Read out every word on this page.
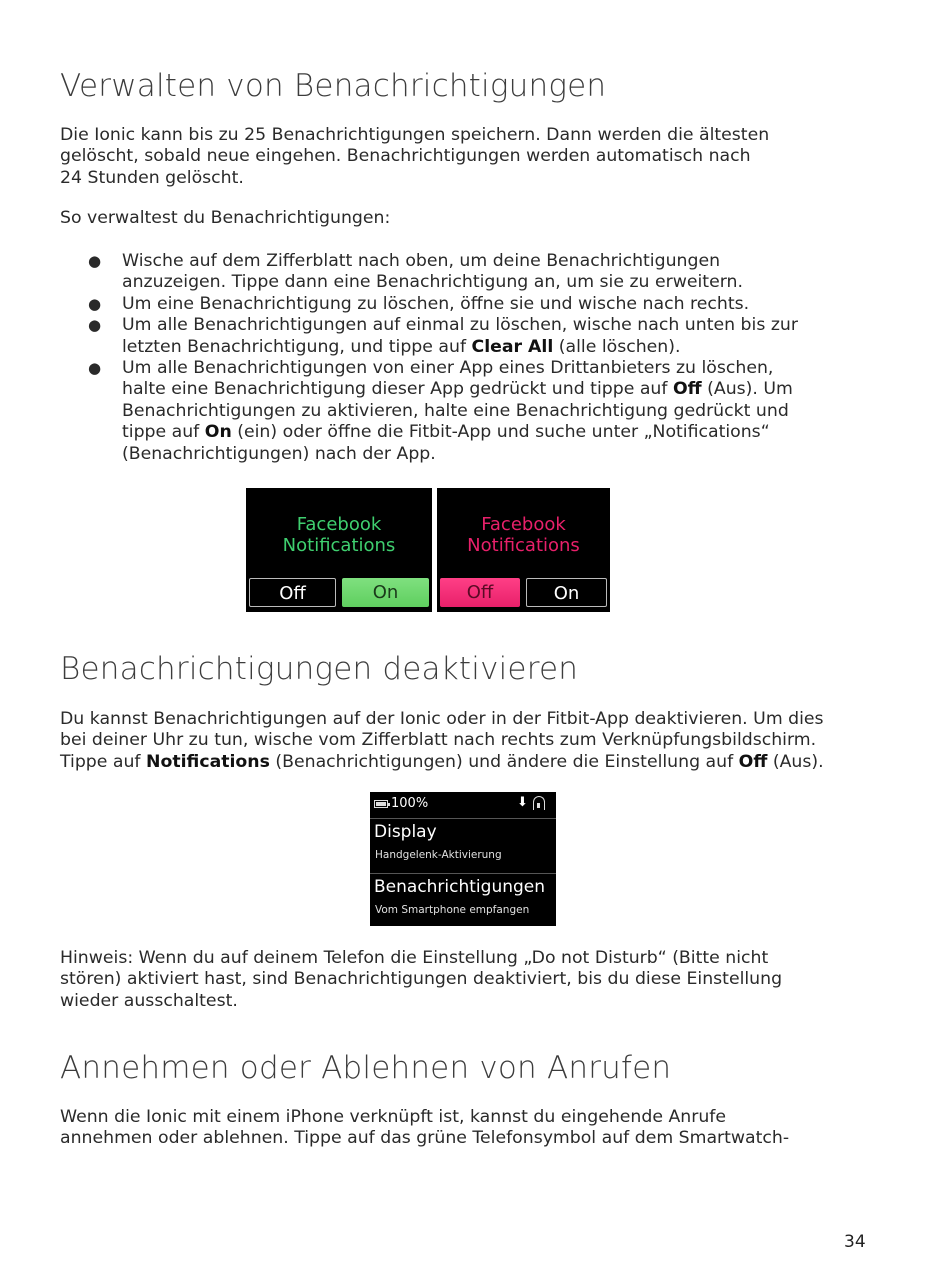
Verwalten von Benachrichtigungen

Die Ionic kann bis zu 25 Benachrichtigungen speichern. Dann werden die ältesten
gelöscht, sobald neue eingehen. Benachrichtigungen werden automatisch nach
24 Stunden gelöscht.

So verwaltest du Benachrichtigungen:

● Wische auf dem Zifferblatt nach oben, um deine Benachrichtigungen
anzuzeigen. Tippe dann eine Benachrichtigung an, um sie zu erweitern.
● Um eine Benachrichtigung zu löschen, öffne sie und wische nach rechts.
● Um alle Benachrichtigungen auf einmal zu löschen, wische nach unten bis zur
letzten Benachrichtigung, und tippe auf Clear All (alle löschen).
● Um alle Benachrichtigungen von einer App eines Drittanbieters zu löschen,
halte eine Benachrichtigung dieser App gedrückt und tippe auf Off (Aus). Um
Benachrichtigungen zu aktivieren, halte eine Benachrichtigung gedrückt und
tippe auf On (ein) oder öffne die Fitbit-App und suche unter „Notifications“
(Benachrichtigungen) nach der App.
Facebook
Notifications
Off	On
Facebook
Notifications
Off	On
Benachrichtigungen deaktivieren

Du kannst Benachrichtigungen auf der Ionic oder in der Fitbit-App deaktivieren. Um dies
bei deiner Uhr zu tun, wische vom Zifferblatt nach rechts zum Verknüpfungsbildschirm.
Tippe auf Notifications (Benachrichtigungen) und ändere die Einstellung auf Off (Aus).

100%	⬇
Display
Handgelenk-Aktivierung
Benachrichtigungen
Vom Smartphone empfangen

Hinweis: Wenn du auf deinem Telefon die Einstellung „Do not Disturb“ (Bitte nicht
stören) aktiviert hast, sind Benachrichtigungen deaktiviert, bis du diese Einstellung
wieder ausschaltest.

Annehmen oder Ablehnen von Anrufen

Wenn die Ionic mit einem iPhone verknüpft ist, kannst du eingehende Anrufe
annehmen oder ablehnen. Tippe auf das grüne Telefonsymbol auf dem Smartwatch-

34
